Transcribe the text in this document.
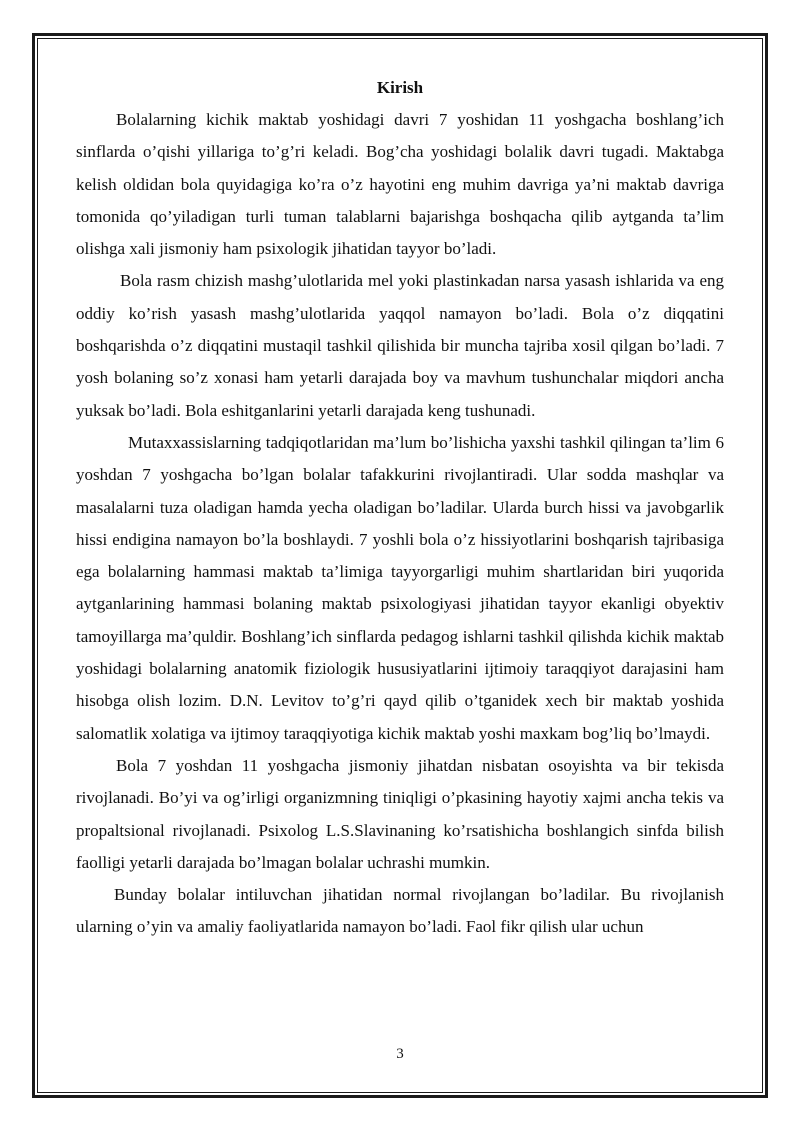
Kirish

Bolalarning kichik maktab yoshidagi davri 7 yoshidan 11 yoshgacha boshlang’ich sinflarda o’qishi yillariga to’g’ri keladi. Bog’cha yoshidagi bolalik davri tugadi. Maktabga kelish oldidan bola quyidagiga ko’ra o’z hayotini eng muhim davriga ya’ni maktab davriga tomonida qo’yiladigan turli tuman talablarni bajarishga boshqacha qilib aytganda ta’lim olishga xali jismoniy ham psixologik jihatidan tayyor bo’ladi.

Bola rasm chizish mashg’ulotlarida mel yoki plastinkadan narsa yasash ishlarida va eng oddiy ko’rish yasash mashg’ulotlarida yaqqol namayon bo’ladi. Bola o’z diqqatini boshqarishda o’z diqqatini mustaqil tashkil qilishida bir muncha tajriba xosil qilgan bo’ladi. 7 yosh bolaning so’z xonasi ham yetarli darajada boy va mavhum tushunchalar miqdori ancha yuksak bo’ladi. Bola eshitganlarini yetarli darajada keng tushunadi.

Mutaxxassislarning tadqiqotlaridan ma’lum bo’lishicha yaxshi tashkil qilingan ta’lim 6 yoshdan 7 yoshgacha bo’lgan bolalar tafakkurini rivojlantiradi. Ular sodda mashqlar va masalalarni tuza oladigan hamda yecha oladigan bo’ladilar. Ularda burch hissi va javobgarlik hissi endigina namayon bo’la boshlaydi. 7 yoshli bola o’z hissiyotlarini boshqarish tajribasiga ega bolalarning hammasi maktab ta’limiga tayyorgarligi muhim shartlaridan biri yuqorida aytganlarining hammasi bolaning maktab psixologiyasi jihatidan tayyor ekanligi obyektiv tamoyillarga ma’quldir. Boshlang’ich sinflarda pedagog ishlarni tashkil qilishda kichik maktab yoshidagi bolalarning anatomik fiziologik hususiyatlarini ijtimoiy taraqqiyot darajasini ham hisobga olish lozim. D.N. Levitov to’g’ri qayd qilib o’tganidek xech bir maktab yoshida salomatlik xolatiga va ijtimoy taraqqiyotiga kichik maktab yoshi maxkam bog’liq bo’lmaydi.

Bola 7 yoshdan 11 yoshgacha jismoniy jihatdan nisbatan osoyishta va bir tekisda rivojlanadi. Bo’yi va og’irligi organizmning tiniqligi o’pkasining hayotiy xajmi ancha tekis va propaltsional rivojlanadi. Psixolog L.S.Slavinaning ko’rsatishicha boshlangich sinfda bilish faolligi yetarli darajada bo’lmagan bolalar uchrashi mumkin.

Bunday bolalar intiluvchan jihatidan normal rivojlangan bo’ladilar. Bu rivojlanish ularning o’yin va amaliy faoliyatlarida namayon bo’ladi. Faol fikr qilish ular uchun

3
